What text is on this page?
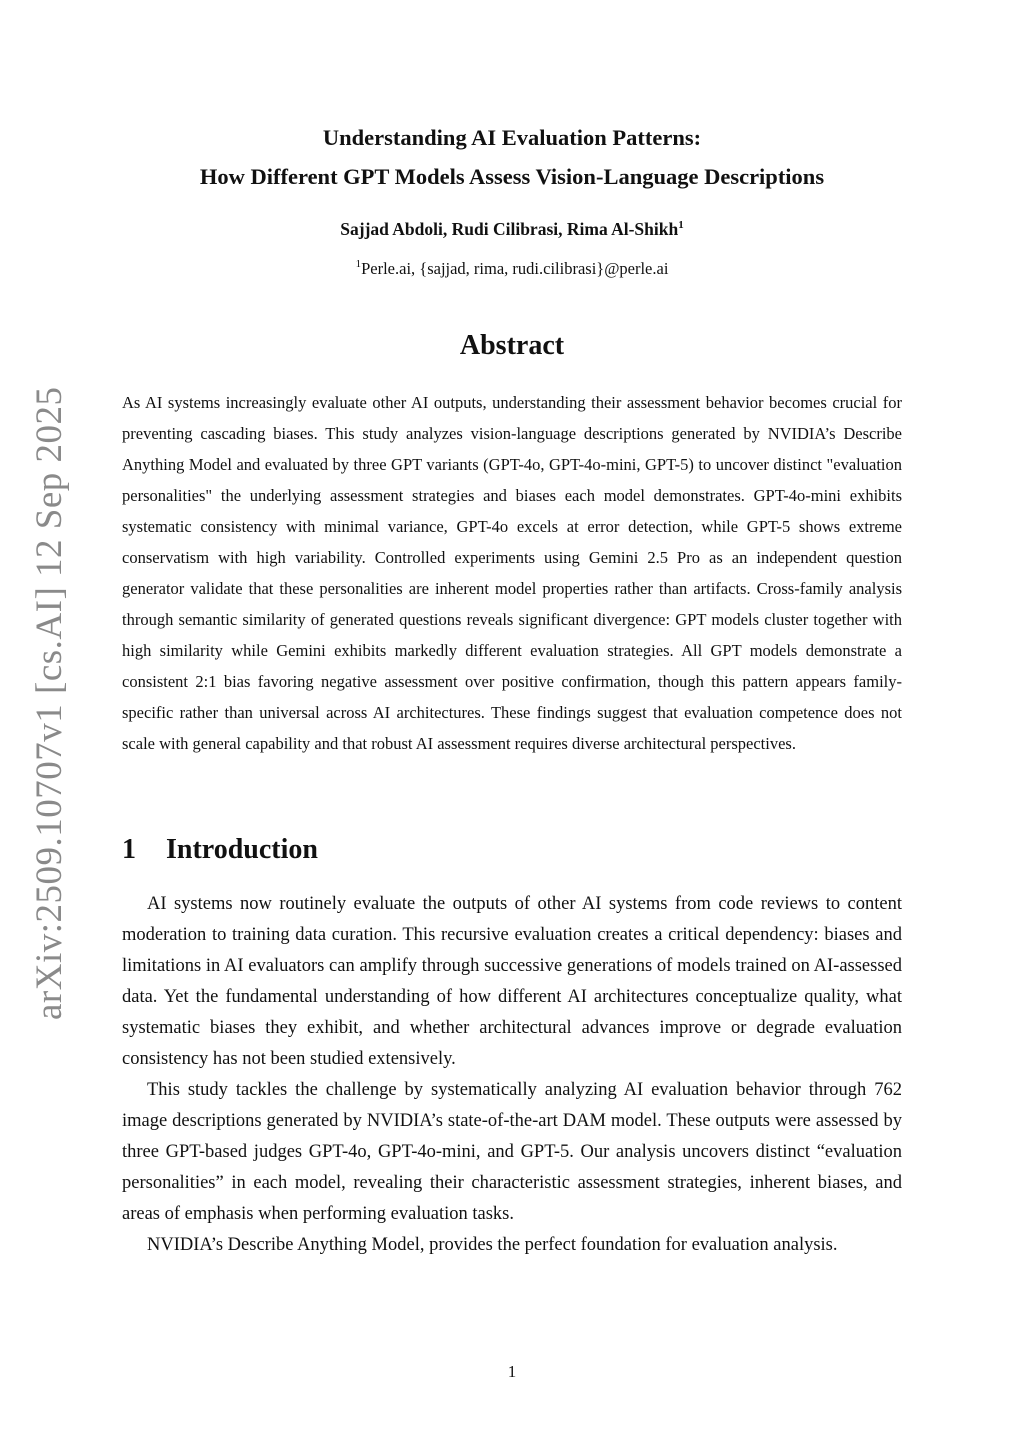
arXiv:2509.10707v1 [cs.AI] 12 Sep 2025
Understanding AI Evaluation Patterns:
How Different GPT Models Assess Vision-Language Descriptions
Sajjad Abdoli, Rudi Cilibrasi, Rima Al-Shikh$^1$
$^1$Perle.ai, {sajjad, rima, rudi.cilibrasi}@perle.ai
Abstract

As AI systems increasingly evaluate other AI outputs, understanding their assessment behavior becomes crucial for preventing cascading biases. This study analyzes vision-language descriptions generated by NVIDIA’s Describe Anything Model and evaluated by three GPT variants (GPT-4o, GPT-4o-mini, GPT-5) to uncover distinct "evaluation personalities" the underlying assessment strategies and biases each model demonstrates. GPT-4o-mini exhibits systematic consistency with minimal variance, GPT-4o excels at error detection, while GPT-5 shows extreme conservatism with high variability. Controlled experiments using Gemini 2.5 Pro as an independent question generator validate that these personalities are inherent model properties rather than artifacts. Cross-family analysis through semantic similarity of generated questions reveals significant divergence: GPT models cluster together with high similarity while Gemini exhibits markedly different evaluation strategies. All GPT models demonstrate a consistent 2:1 bias favoring negative assessment over positive confirmation, though this pattern appears family-specific rather than universal across AI architectures. These findings suggest that evaluation competence does not scale with general capability and that robust AI assessment requires diverse architectural perspectives.

1 Introduction

AI systems now routinely evaluate the outputs of other AI systems from code reviews to content moderation to training data curation. This recursive evaluation creates a critical dependency: biases and limitations in AI evaluators can amplify through successive generations of models trained on AI-assessed data. Yet the fundamental understanding of how different AI architectures conceptualize quality, what systematic biases they exhibit, and whether architectural advances improve or degrade evaluation consistency has not been studied extensively.

This study tackles the challenge by systematically analyzing AI evaluation behavior through 762 image descriptions generated by NVIDIA’s state-of-the-art DAM model. These outputs were assessed by three GPT-based judges GPT-4o, GPT-4o-mini, and GPT-5. Our analysis uncovers distinct “evaluation personalities” in each model, revealing their characteristic assessment strategies, inherent biases, and areas of emphasis when performing evaluation tasks.

NVIDIA’s Describe Anything Model, provides the perfect foundation for evaluation analysis.

1
